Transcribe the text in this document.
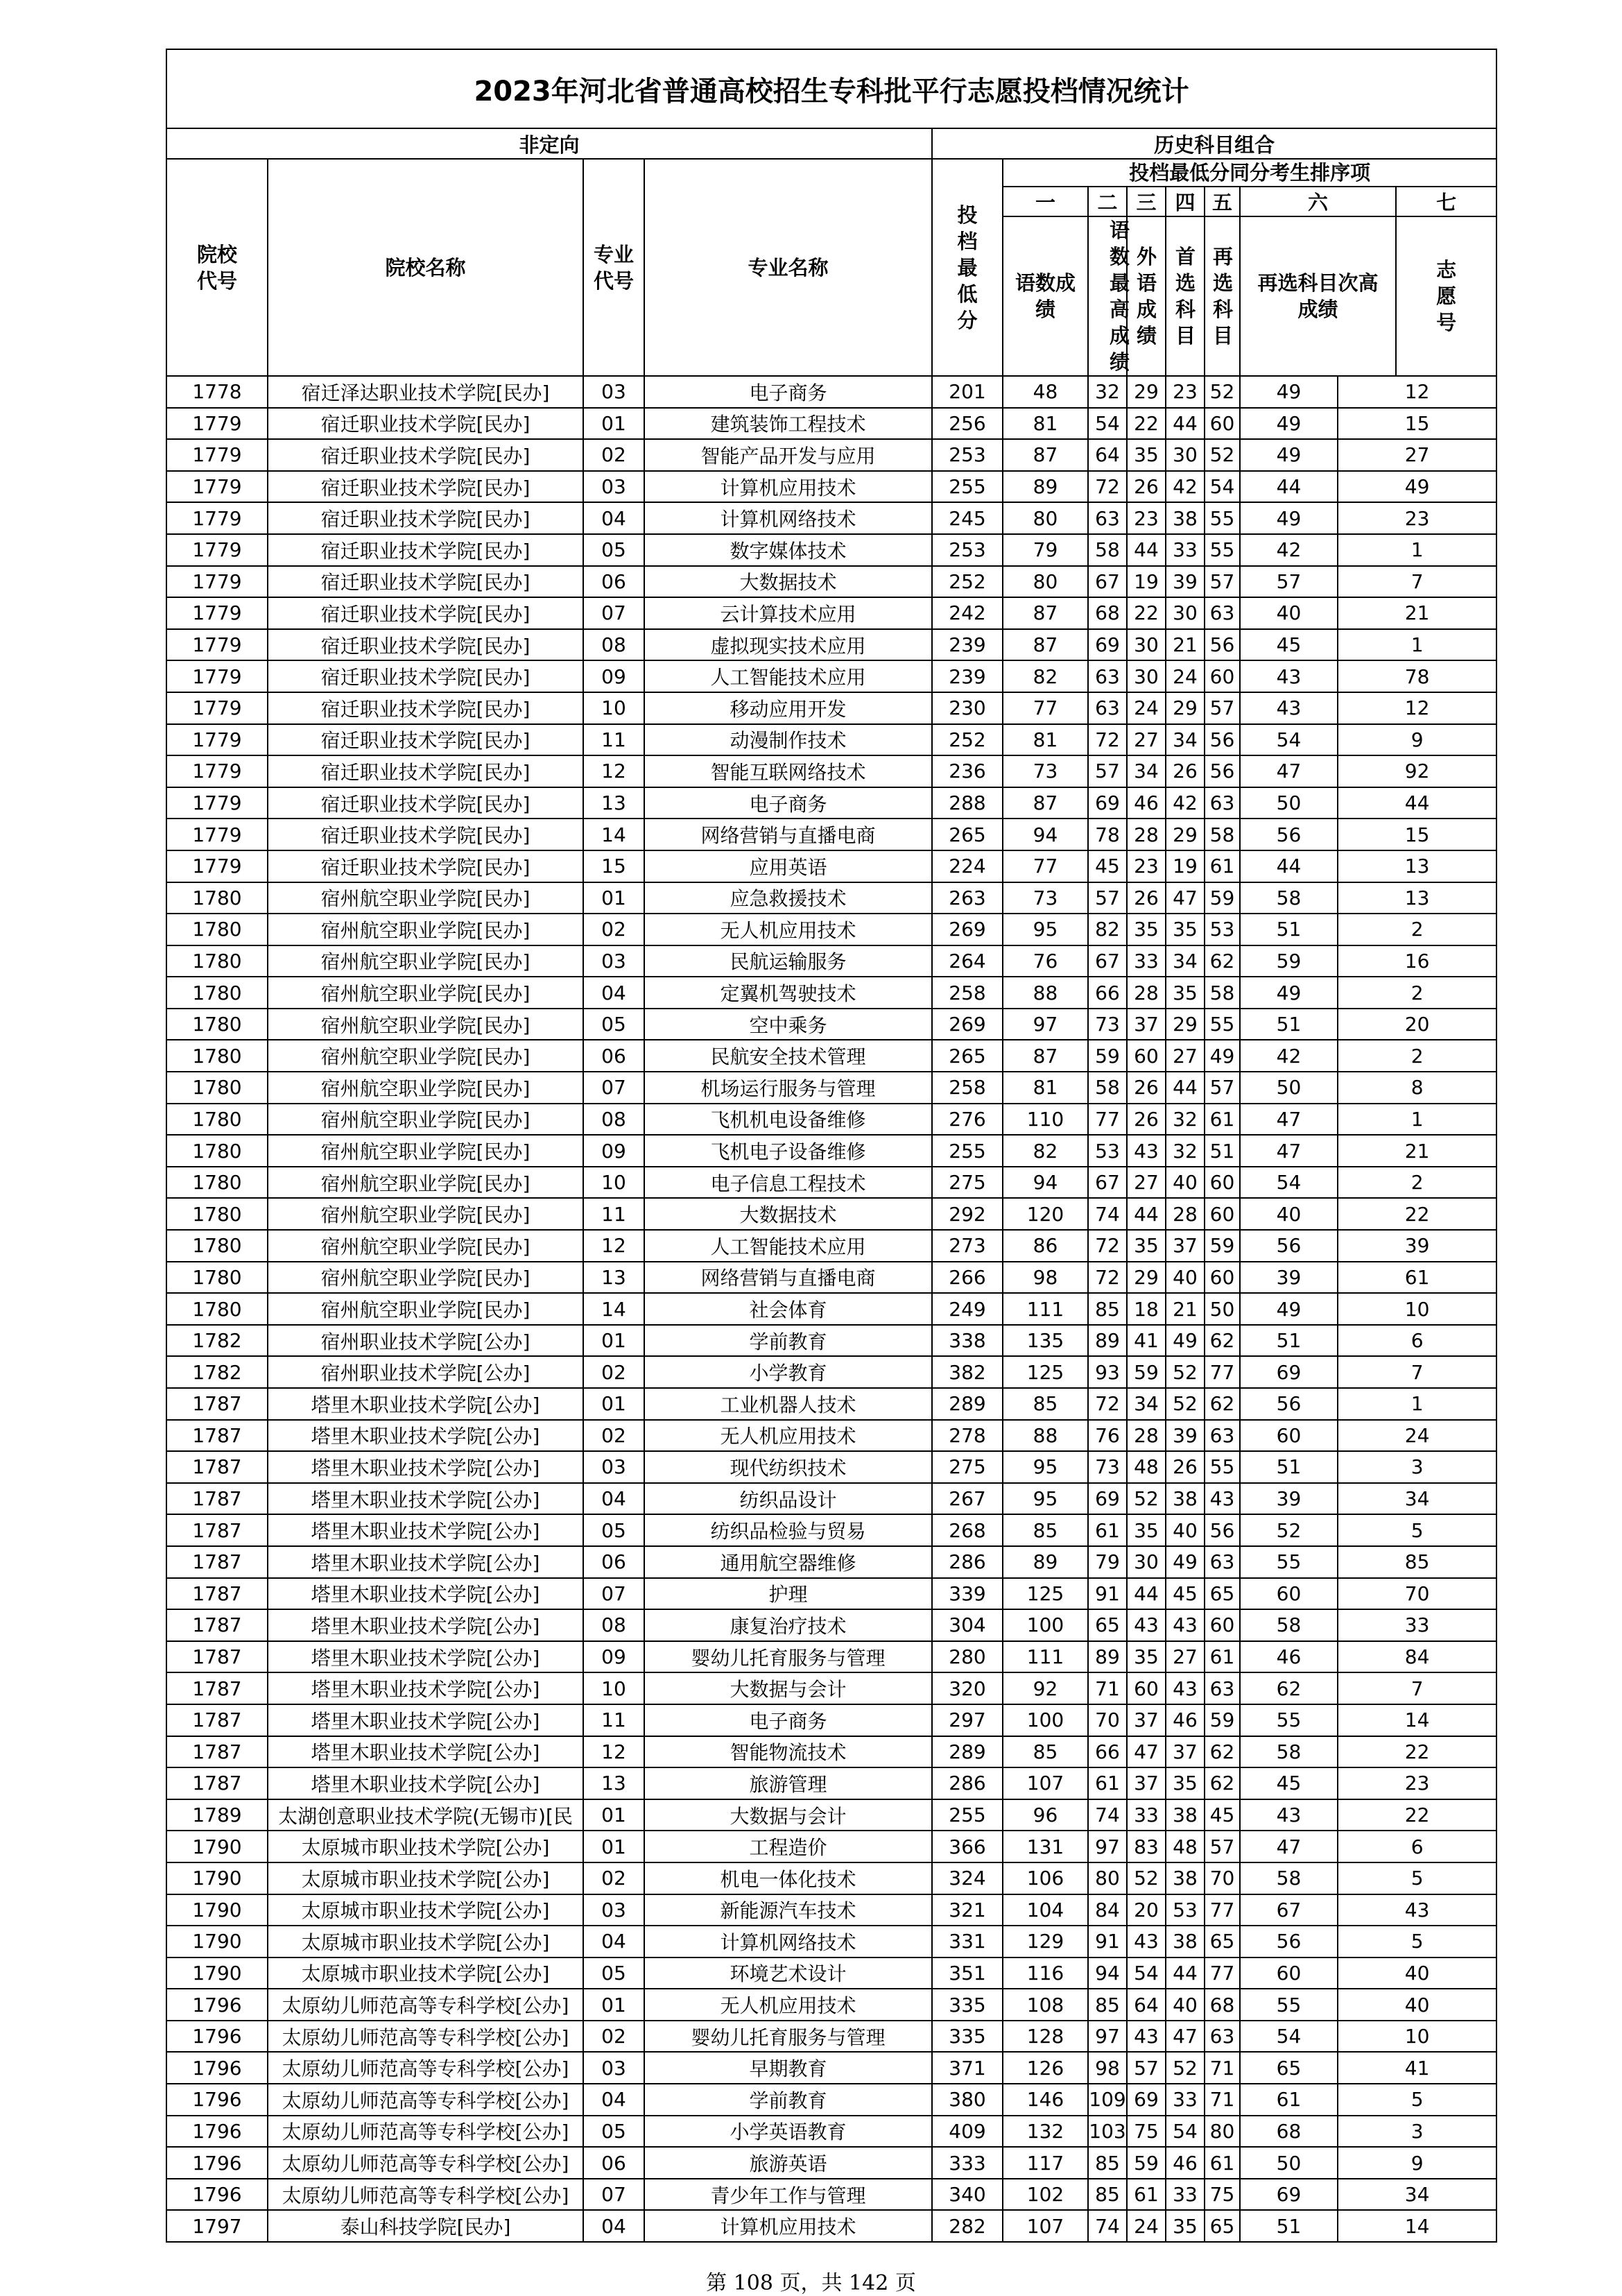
2023年河北省普通高校招生专科批平行志愿投档情况统计												
非定向				历史科目组合								
院校代号	院校名称	专业代号	专业名称	投档最低分	投档最低分同分考生排序项							
					一	二	三	四	五	六		七
					语数成绩	语数最高成绩	外语成绩	首选科目	再选科目	再选科目次高成绩		志愿号
1778	宿迁泽达职业技术学院[民办]	03	电子商务	201	48	32	29	23	52	49	12	
1779	宿迁职业技术学院[民办]	01	建筑装饰工程技术	256	81	54	22	44	60	49	15	
1779	宿迁职业技术学院[民办]	02	智能产品开发与应用	253	87	64	35	30	52	49	27	
1779	宿迁职业技术学院[民办]	03	计算机应用技术	255	89	72	26	42	54	44	49	
1779	宿迁职业技术学院[民办]	04	计算机网络技术	245	80	63	23	38	55	49	23	
1779	宿迁职业技术学院[民办]	05	数字媒体技术	253	79	58	44	33	55	42	1	
1779	宿迁职业技术学院[民办]	06	大数据技术	252	80	67	19	39	57	57	7	
1779	宿迁职业技术学院[民办]	07	云计算技术应用	242	87	68	22	30	63	40	21	
1779	宿迁职业技术学院[民办]	08	虚拟现实技术应用	239	87	69	30	21	56	45	1	
1779	宿迁职业技术学院[民办]	09	人工智能技术应用	239	82	63	30	24	60	43	78	
1779	宿迁职业技术学院[民办]	10	移动应用开发	230	77	63	24	29	57	43	12	
1779	宿迁职业技术学院[民办]	11	动漫制作技术	252	81	72	27	34	56	54	9	
1779	宿迁职业技术学院[民办]	12	智能互联网络技术	236	73	57	34	26	56	47	92	
1779	宿迁职业技术学院[民办]	13	电子商务	288	87	69	46	42	63	50	44	
1779	宿迁职业技术学院[民办]	14	网络营销与直播电商	265	94	78	28	29	58	56	15	
1779	宿迁职业技术学院[民办]	15	应用英语	224	77	45	23	19	61	44	13	
1780	宿州航空职业学院[民办]	01	应急救援技术	263	73	57	26	47	59	58	13	
1780	宿州航空职业学院[民办]	02	无人机应用技术	269	95	82	35	35	53	51	2	
1780	宿州航空职业学院[民办]	03	民航运输服务	264	76	67	33	34	62	59	16	
1780	宿州航空职业学院[民办]	04	定翼机驾驶技术	258	88	66	28	35	58	49	2	
1780	宿州航空职业学院[民办]	05	空中乘务	269	97	73	37	29	55	51	20	
1780	宿州航空职业学院[民办]	06	民航安全技术管理	265	87	59	60	27	49	42	2	
1780	宿州航空职业学院[民办]	07	机场运行服务与管理	258	81	58	26	44	57	50	8	
1780	宿州航空职业学院[民办]	08	飞机机电设备维修	276	110	77	26	32	61	47	1	
1780	宿州航空职业学院[民办]	09	飞机电子设备维修	255	82	53	43	32	51	47	21	
1780	宿州航空职业学院[民办]	10	电子信息工程技术	275	94	67	27	40	60	54	2	
1780	宿州航空职业学院[民办]	11	大数据技术	292	120	74	44	28	60	40	22	
1780	宿州航空职业学院[民办]	12	人工智能技术应用	273	86	72	35	37	59	56	39	
1780	宿州航空职业学院[民办]	13	网络营销与直播电商	266	98	72	29	40	60	39	61	
1780	宿州航空职业学院[民办]	14	社会体育	249	111	85	18	21	50	49	10	
1782	宿州职业技术学院[公办]	01	学前教育	338	135	89	41	49	62	51	6	
1782	宿州职业技术学院[公办]	02	小学教育	382	125	93	59	52	77	69	7	
1787	塔里木职业技术学院[公办]	01	工业机器人技术	289	85	72	34	52	62	56	1	
1787	塔里木职业技术学院[公办]	02	无人机应用技术	278	88	76	28	39	63	60	24	
1787	塔里木职业技术学院[公办]	03	现代纺织技术	275	95	73	48	26	55	51	3	
1787	塔里木职业技术学院[公办]	04	纺织品设计	267	95	69	52	38	43	39	34	
1787	塔里木职业技术学院[公办]	05	纺织品检验与贸易	268	85	61	35	40	56	52	5	
1787	塔里木职业技术学院[公办]	06	通用航空器维修	286	89	79	30	49	63	55	85	
1787	塔里木职业技术学院[公办]	07	护理	339	125	91	44	45	65	60	70	
1787	塔里木职业技术学院[公办]	08	康复治疗技术	304	100	65	43	43	60	58	33	
1787	塔里木职业技术学院[公办]	09	婴幼儿托育服务与管理	280	111	89	35	27	61	46	84	
1787	塔里木职业技术学院[公办]	10	大数据与会计	320	92	71	60	43	63	62	7	
1787	塔里木职业技术学院[公办]	11	电子商务	297	100	70	37	46	59	55	14	
1787	塔里木职业技术学院[公办]	12	智能物流技术	289	85	66	47	37	62	58	22	
1787	塔里木职业技术学院[公办]	13	旅游管理	286	107	61	37	35	62	45	23	
1789	太湖创意职业技术学院(无锡市)[民	01	大数据与会计	255	96	74	33	38	45	43	22	
1790	太原城市职业技术学院[公办]	01	工程造价	366	131	97	83	48	57	47	6	
1790	太原城市职业技术学院[公办]	02	机电一体化技术	324	106	80	52	38	70	58	5	
1790	太原城市职业技术学院[公办]	03	新能源汽车技术	321	104	84	20	53	77	67	43	
1790	太原城市职业技术学院[公办]	04	计算机网络技术	331	129	91	43	38	65	56	5	
1790	太原城市职业技术学院[公办]	05	环境艺术设计	351	116	94	54	44	77	60	40	
1796	太原幼儿师范高等专科学校[公办]	01	无人机应用技术	335	108	85	64	40	68	55	40	
1796	太原幼儿师范高等专科学校[公办]	02	婴幼儿托育服务与管理	335	128	97	43	47	63	54	10	
1796	太原幼儿师范高等专科学校[公办]	03	早期教育	371	126	98	57	52	71	65	41	
1796	太原幼儿师范高等专科学校[公办]	04	学前教育	380	146	109	69	33	71	61	5	
1796	太原幼儿师范高等专科学校[公办]	05	小学英语教育	409	132	103	75	54	80	68	3	
1796	太原幼儿师范高等专科学校[公办]	06	旅游英语	333	117	85	59	46	61	50	9	
1796	太原幼儿师范高等专科学校[公办]	07	青少年工作与管理	340	102	85	61	33	75	69	34	
1797	泰山科技学院[民办]	04	计算机应用技术	282	107	74	24	35	65	51	14	
第 108 页，共 142 页
